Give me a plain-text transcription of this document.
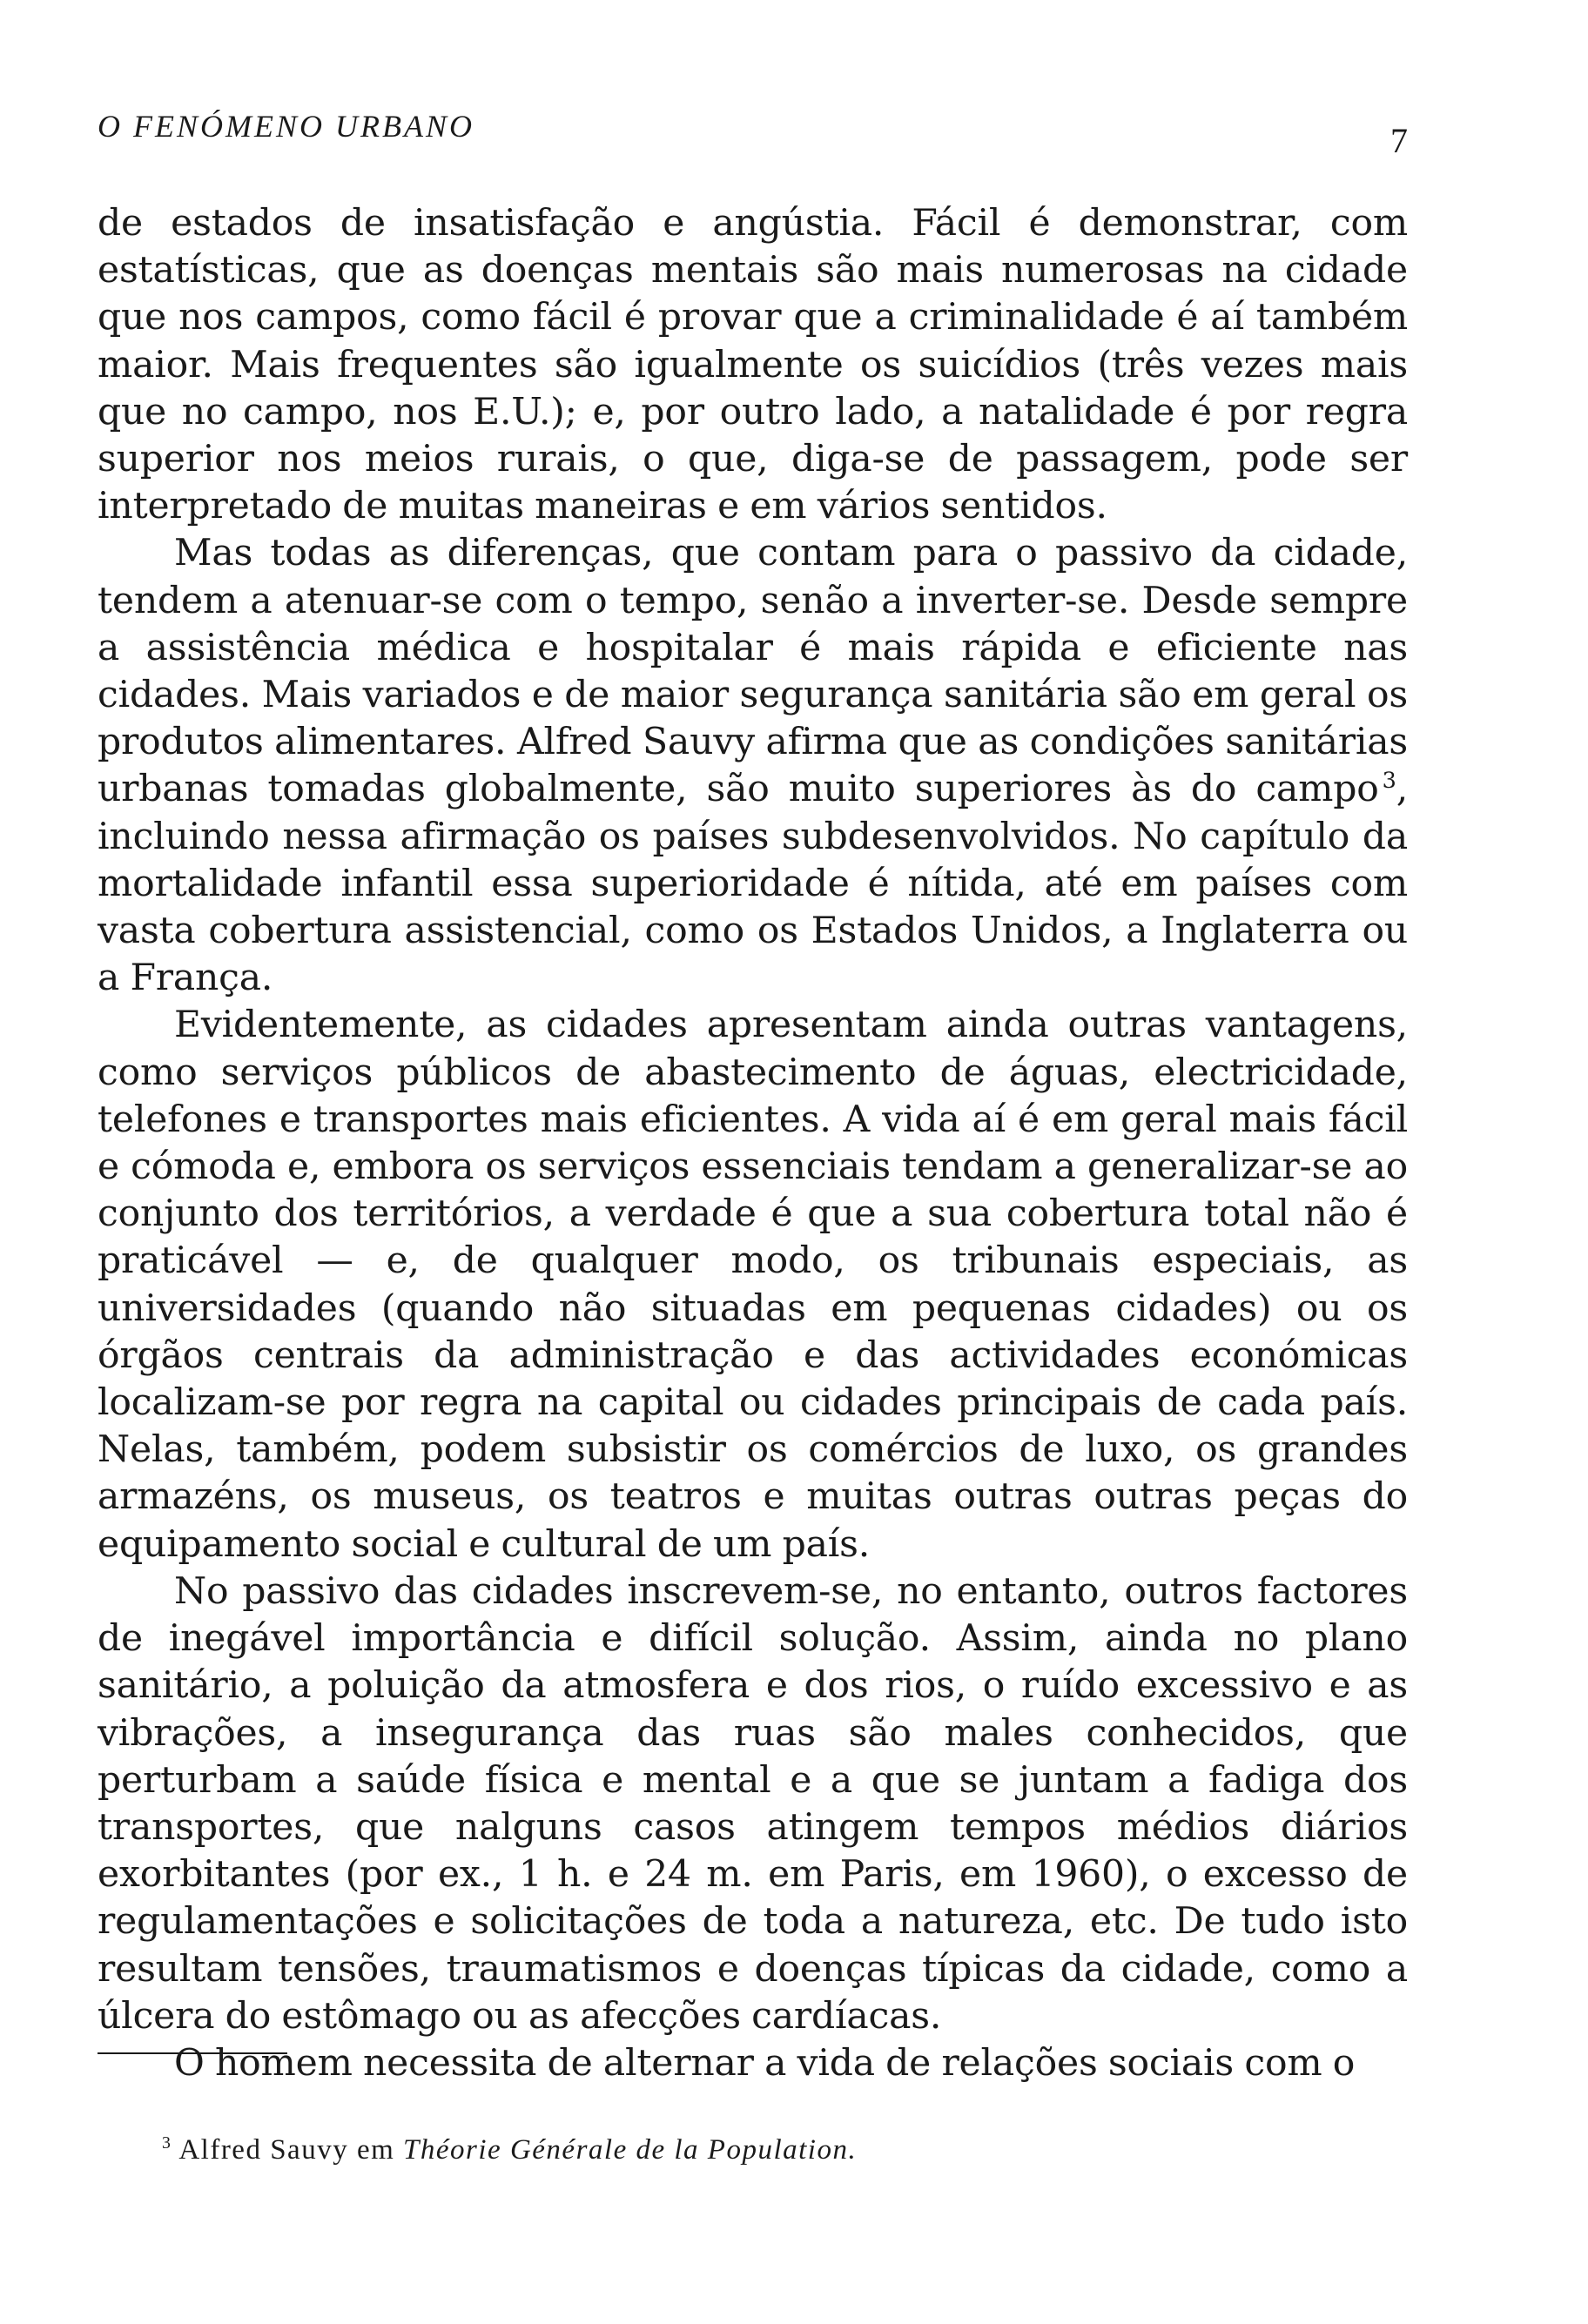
O FENÓMENO URBANO	7

de estados de insatisfação e angústia. Fácil é demonstrar, com estatísticas, que as doenças mentais são mais numerosas na cidade que nos campos, como fácil é provar que a criminalidade é aí também maior. Mais frequentes são igualmente os suicídios (três vezes mais que no campo, nos E.U.); e, por outro lado, a natalidade é por regra superior nos meios rurais, o que, diga-se de passagem, pode ser interpretado de muitas maneiras e em vários sentidos.

Mas todas as diferenças, que contam para o passivo da cidade, tendem a atenuar-se com o tempo, senão a inverter-se. Desde sempre a assistência médica e hospitalar é mais rápida e eficiente nas cidades. Mais variados e de maior segurança sanitária são em geral os produtos alimentares. Alfred Sauvy afirma que as condições sanitárias urbanas tomadas globalmente, são muito superiores às do campo  $^3$, incluindo nessa afirmação os países subdesenvolvidos. No capítulo da mortalidade infantil essa superioridade é nítida, até em países com vasta cobertura assistencial, como os Estados Unidos, a Inglaterra ou a França.

Evidentemente, as cidades apresentam ainda outras vantagens, como serviços públicos de abastecimento de águas, electricidade, telefones e transportes mais eficientes. A vida aí é em geral mais fácil e cómoda e, embora os serviços essenciais tendam a generalizar-se ao conjunto dos territórios, a verdade é que a sua cobertura total não é praticável — e, de qualquer modo, os tribunais especiais, as universidades (quando não situadas em pequenas cidades) ou os órgãos centrais da administração e das actividades económicas localizam-se por regra na capital ou cidades principais de cada país. Nelas, também, podem subsistir os comércios de luxo, os grandes armazéns, os museus, os teatros e muitas outras outras peças do equipamento social e cultural de um país.

No passivo das cidades inscrevem-se, no entanto, outros factores de inegável importância e difícil solução. Assim, ainda no plano sanitário, a poluição da atmosfera e dos rios, o ruído excessivo e as vibrações, a insegurança das ruas são males conhecidos, que perturbam a saúde física e mental e a que se juntam a fadiga dos transportes, que nalguns casos atingem tempos médios diários exorbitantes (por ex., 1 h. e 24 m. em Paris, em 1960), o excesso de regulamentações e solicitações de toda a natureza, etc. De tudo isto resultam tensões, traumatismos e doenças típicas da cidade, como a úlcera do estômago ou as afecções cardíacas.

O homem necessita de alternar a vida de relações sociais com o

$^3$ Alfred Sauvy em Théorie Générale de la Population.
